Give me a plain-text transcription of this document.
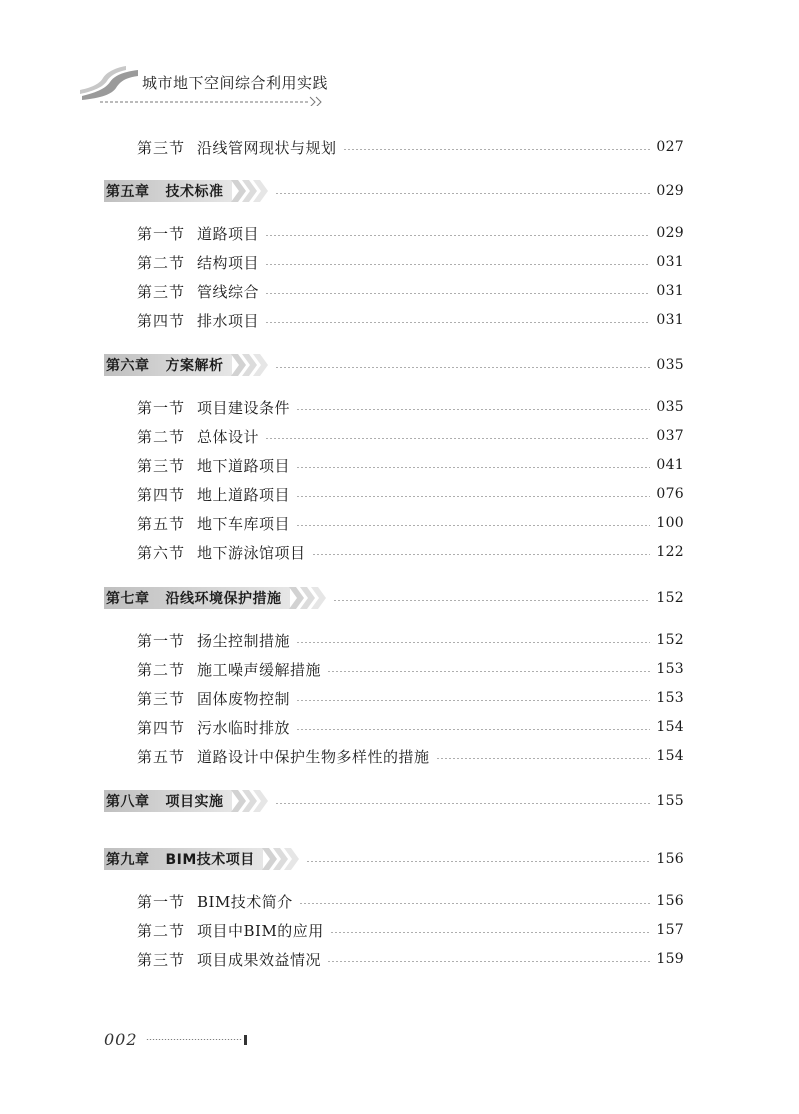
城市地下空间综合利用实践
第三节 沿线管网现状与规划	027
第五章 技术标准	029
第一节 道路项目	029
第二节 结构项目	031
第三节 管线综合	031
第四节 排水项目	031
第六章 方案解析	035
第一节 项目建设条件	035
第二节 总体设计	037
第三节 地下道路项目	041
第四节 地上道路项目	076
第五节 地下车库项目	100
第六节 地下游泳馆项目	122
第七章 沿线环境保护措施	152
第一节 扬尘控制措施	152
第二节 施工噪声缓解措施	153
第三节 固体废物控制	153
第四节 污水临时排放	154
第五节 道路设计中保护生物多样性的措施	154
第八章 项目实施	155
第九章 BIM技术项目	156
第一节 BIM技术简介	156
第二节 项目中BIM的应用	157
第三节 项目成果效益情况	159
002
